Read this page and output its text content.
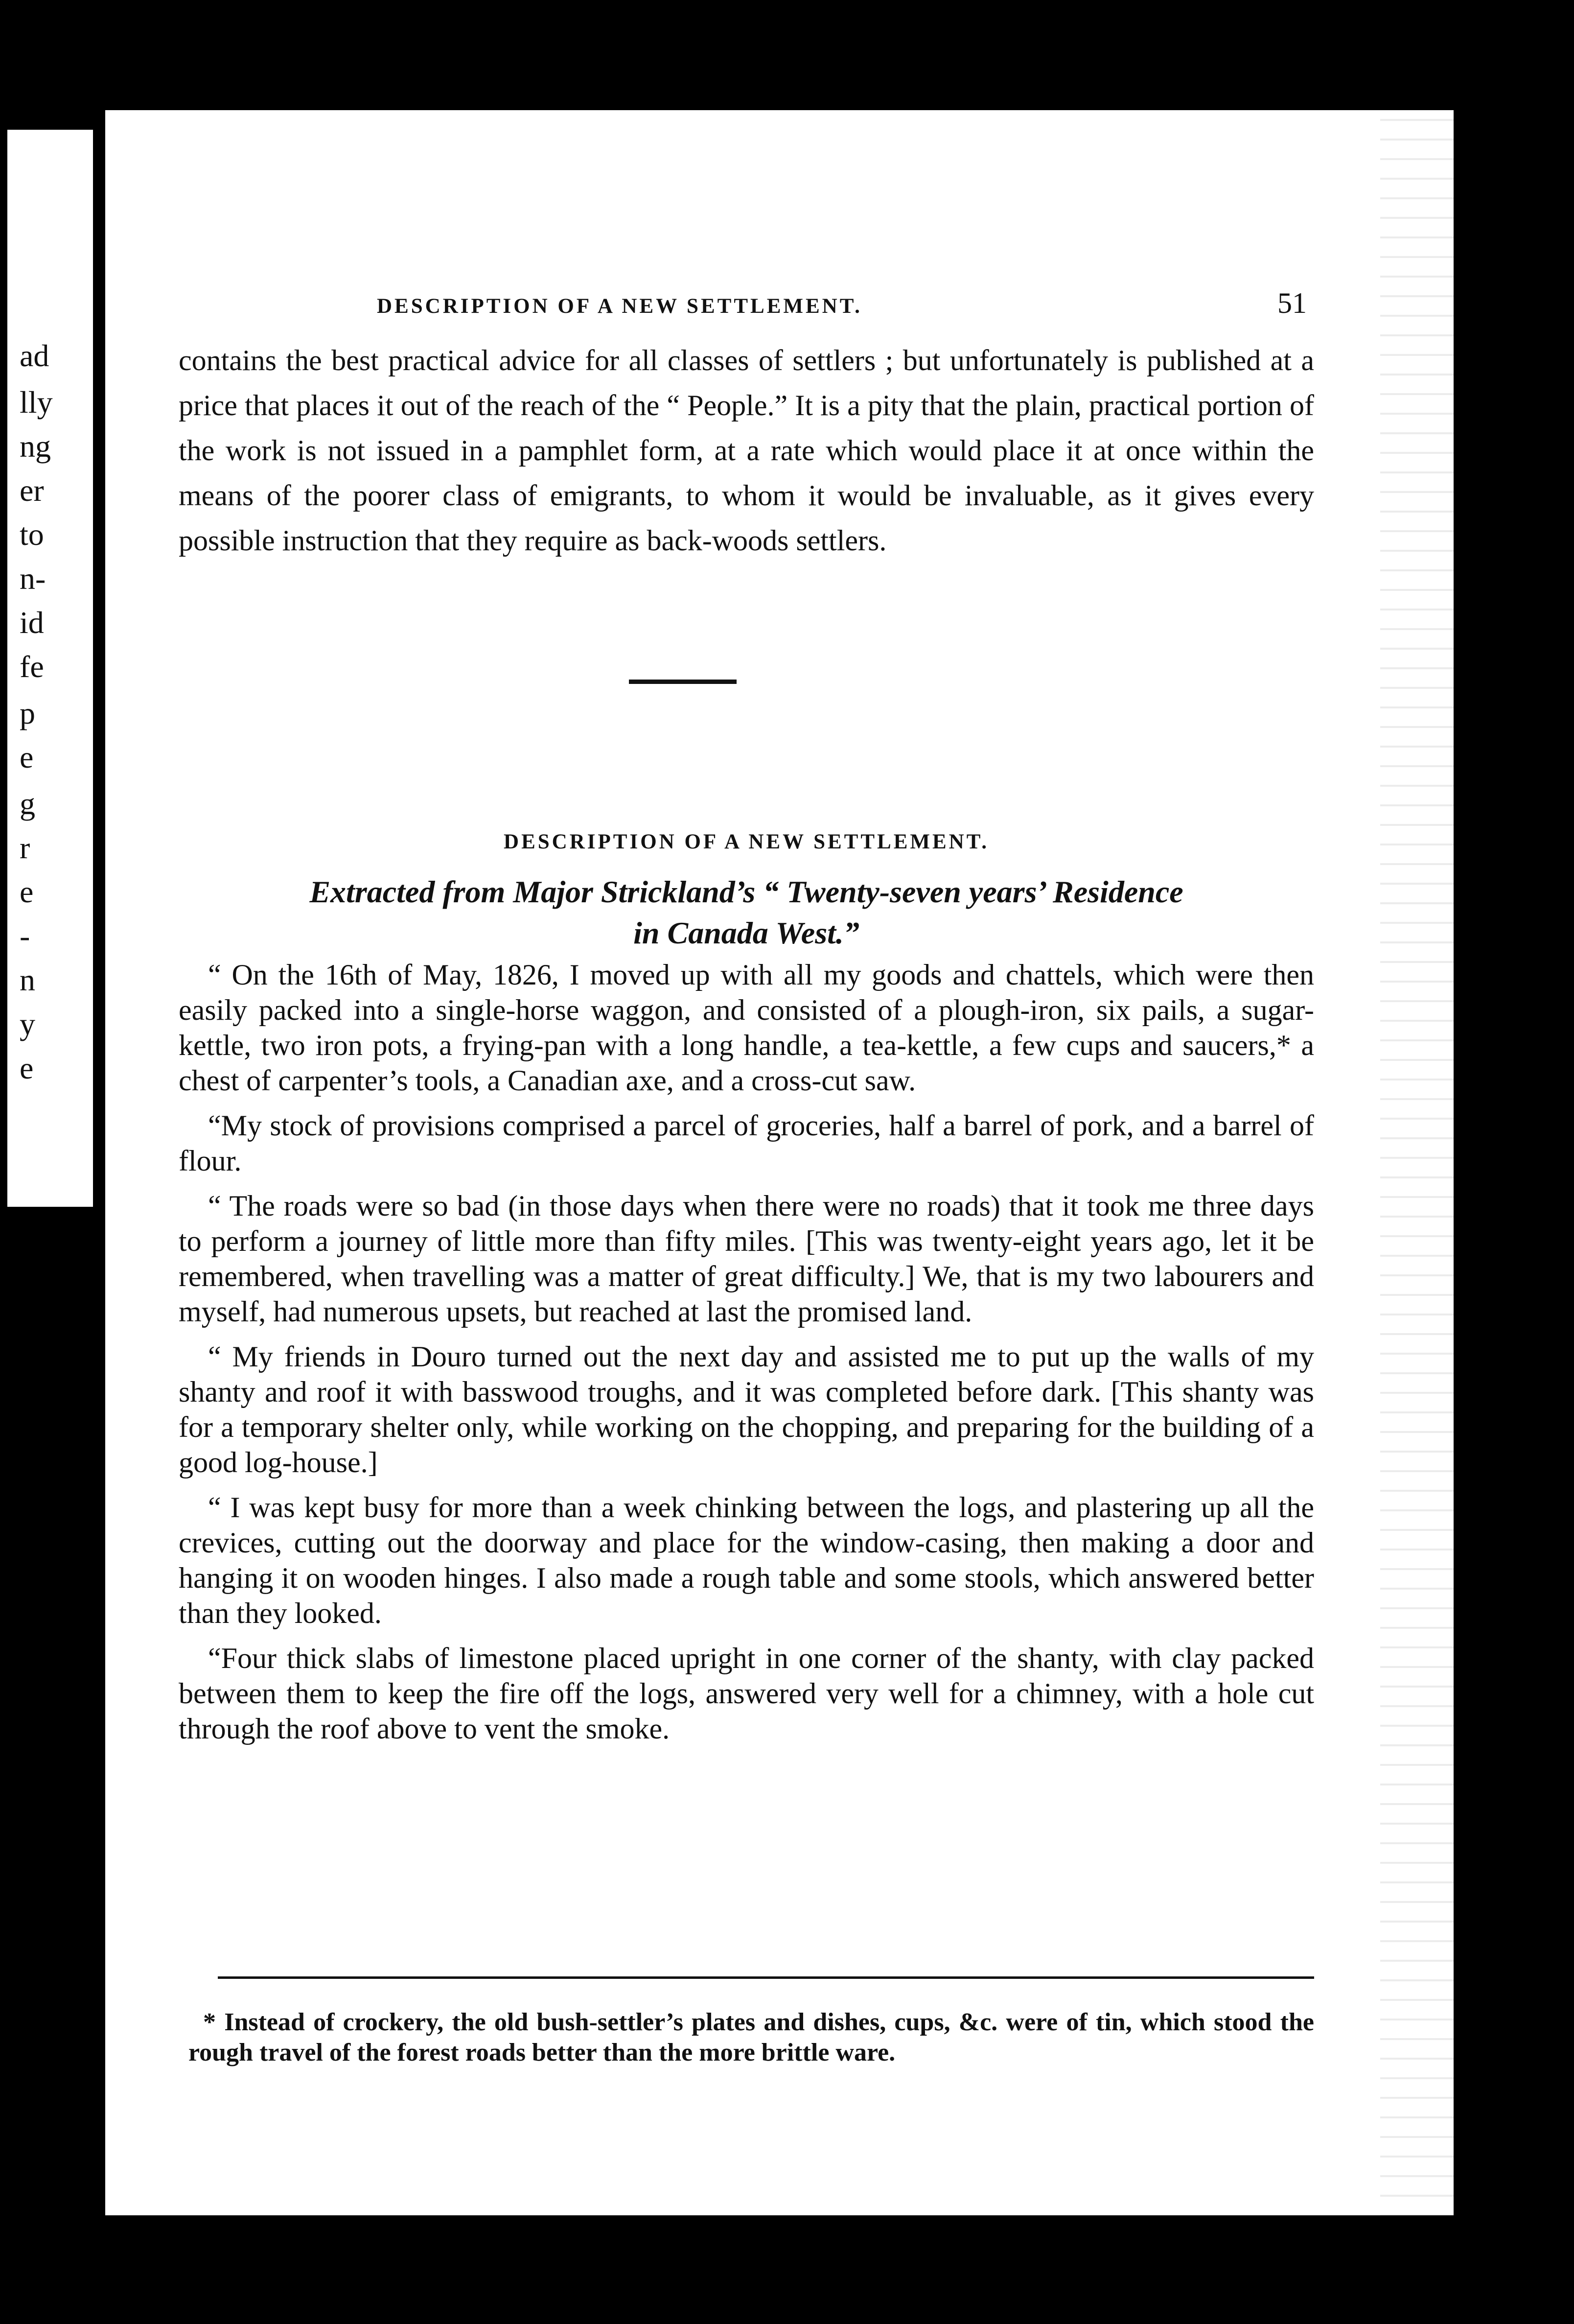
ad
lly
ng
er
to
n-
id
fe
p
e
g
r
e
-
n
y
e
DESCRIPTION OF A NEW SETTLEMENT.	51

contains the best practical advice for all classes of settlers ; but unfortunately is published at a price that places it out of the reach of the “ People.” It is a pity that the plain, practical portion of the work is not issued in a pamphlet form, at a rate which would place it at once within the means of the poorer class of emigrants, to whom it would be invaluable, as it gives every possible instruction that they require as back-woods settlers.

DESCRIPTION OF A NEW SETTLEMENT.
Extracted from Major Strickland’s “ Twenty-seven years’ Residence
in Canada West.”

“ On the 16th of May, 1826, I moved up with all my goods and chattels, which were then easily packed into a single-horse waggon, and consisted of a plough-iron, six pails, a sugar-kettle, two iron pots, a frying-pan with a long handle, a tea-kettle, a few cups and saucers,* a chest of carpenter’s tools, a Canadian axe, and a cross-cut saw.

“My stock of provisions comprised a parcel of groceries, half a barrel of pork, and a barrel of flour.

“ The roads were so bad (in those days when there were no roads) that it took me three days to perform a journey of little more than fifty miles. [This was twenty-eight years ago, let it be remembered, when travelling was a matter of great difficulty.] We, that is my two labourers and myself, had numerous upsets, but reached at last the promised land.

“ My friends in Douro turned out the next day and assisted me to put up the walls of my shanty and roof it with basswood troughs, and it was completed before dark. [This shanty was for a temporary shelter only, while working on the chopping, and preparing for the building of a good log-house.]

“ I was kept busy for more than a week chinking between the logs, and plastering up all the crevices, cutting out the doorway and place for the window-casing, then making a door and hanging it on wooden hinges. I also made a rough table and some stools, which answered better than they looked.

“Four thick slabs of limestone placed upright in one corner of the shanty, with clay packed between them to keep the fire off the logs, answered very well for a chimney, with a hole cut through the roof above to vent the smoke.

* Instead of crockery, the old bush-settler’s plates and dishes, cups, &c. were of tin, which stood the rough travel of the forest roads better than the more brittle ware.
